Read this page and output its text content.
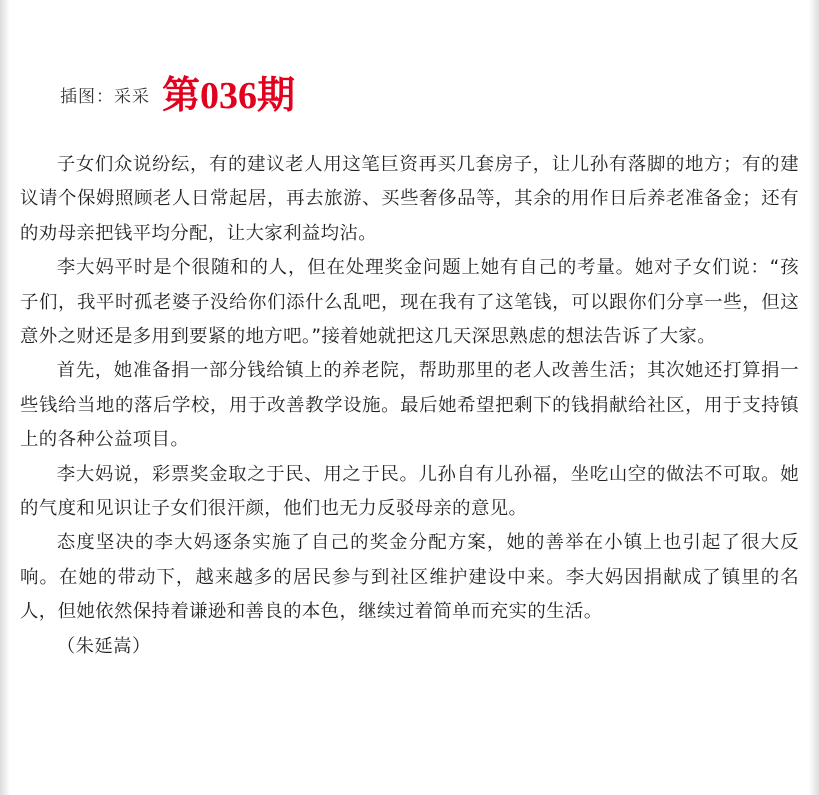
插图：采采 第036期

子女们众说纷纭，有的建议老人用这笔巨资再买几套房子，让儿孙有落脚的地方；有的建议请个保姆照顾老人日常起居，再去旅游、买些奢侈品等，其余的用作日后养老准备金；还有的劝母亲把钱平均分配，让大家利益均沾。

李大妈平时是个很随和的人，但在处理奖金问题上她有自己的考量。她对子女们说：“孩子们，我平时孤老婆子没给你们添什么乱吧，现在我有了这笔钱，可以跟你们分享一些，但这意外之财还是多用到要紧的地方吧。”接着她就把这几天深思熟虑的想法告诉了大家。

首先，她准备捐一部分钱给镇上的养老院，帮助那里的老人改善生活；其次她还打算捐一些钱给当地的落后学校，用于改善教学设施。最后她希望把剩下的钱捐献给社区，用于支持镇上的各种公益项目。

李大妈说，彩票奖金取之于民、用之于民。儿孙自有儿孙福，坐吃山空的做法不可取。她的气度和见识让子女们很汗颜，他们也无力反驳母亲的意见。

态度坚决的李大妈逐条实施了自己的奖金分配方案，她的善举在小镇上也引起了很大反响。在她的带动下，越来越多的居民参与到社区维护建设中来。李大妈因捐献成了镇里的名人，但她依然保持着谦逊和善良的本色，继续过着简单而充实的生活。

（朱延嵩）
